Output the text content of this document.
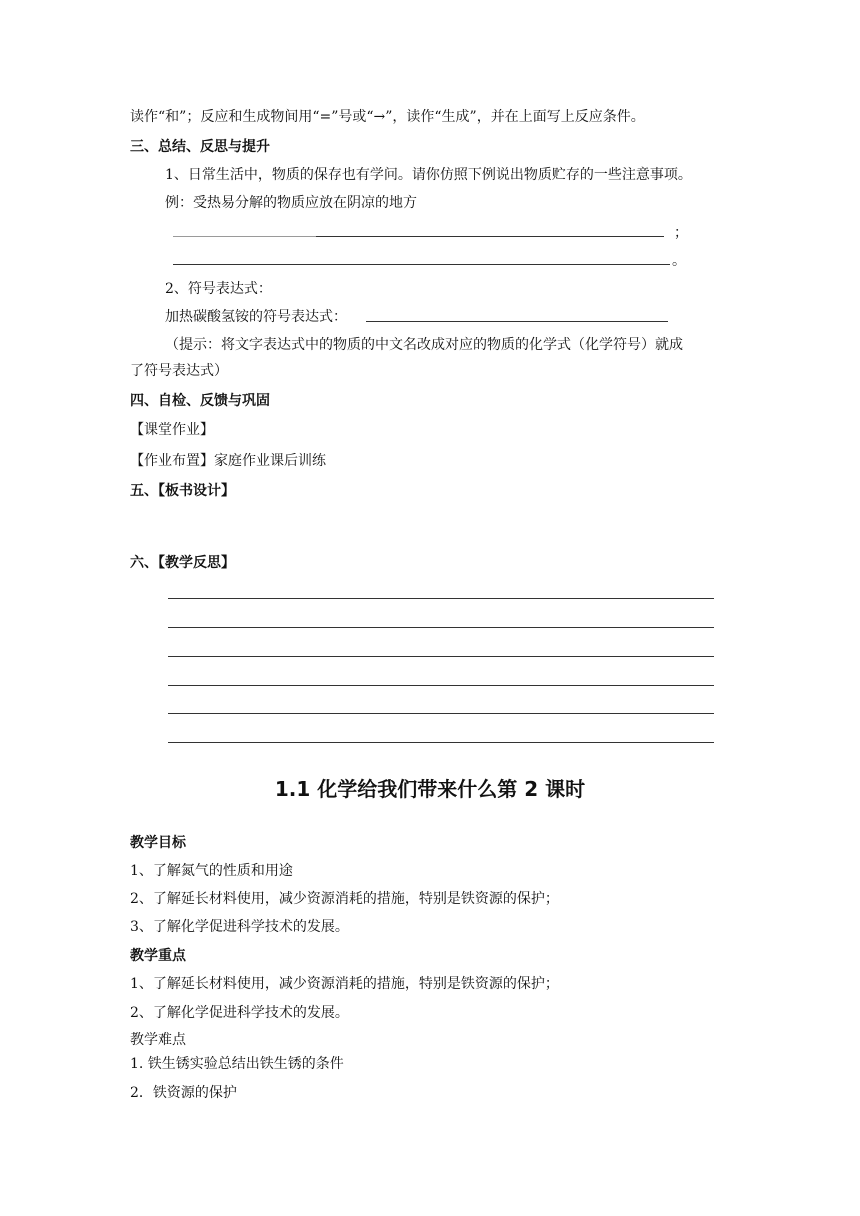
读作“和”；反应和生成物间用“=”号或“→”，读作“生成”，并在上面写上反应条件。
三、总结、反思与提升
1、日常生活中，物质的保存也有学问。请你仿照下例说出物质贮存的一些注意事项。
例：受热易分解的物质应放在阴凉的地方
；
。
2、符号表达式：
加热碳酸氢铵的符号表达式：
（提示：将文字表达式中的物质的中文名改成对应的物质的化学式（化学符号）就成
了符号表达式）
四、自检、反馈与巩固
【课堂作业】
【作业布置】家庭作业课后训练
五、【板书设计】
六、【教学反思】
1.1 化学给我们带来什么第 2 课时
教学目标
1、了解氮气的性质和用途
2、了解延长材料使用，减少资源消耗的措施，特别是铁资源的保护；
3、了解化学促进科学技术的发展。
教学重点
1、了解延长材料使用，减少资源消耗的措施，特别是铁资源的保护；
2、了解化学促进科学技术的发展。
教学难点
1. 铁生锈实验总结出铁生锈的条件
2．铁资源的保护
